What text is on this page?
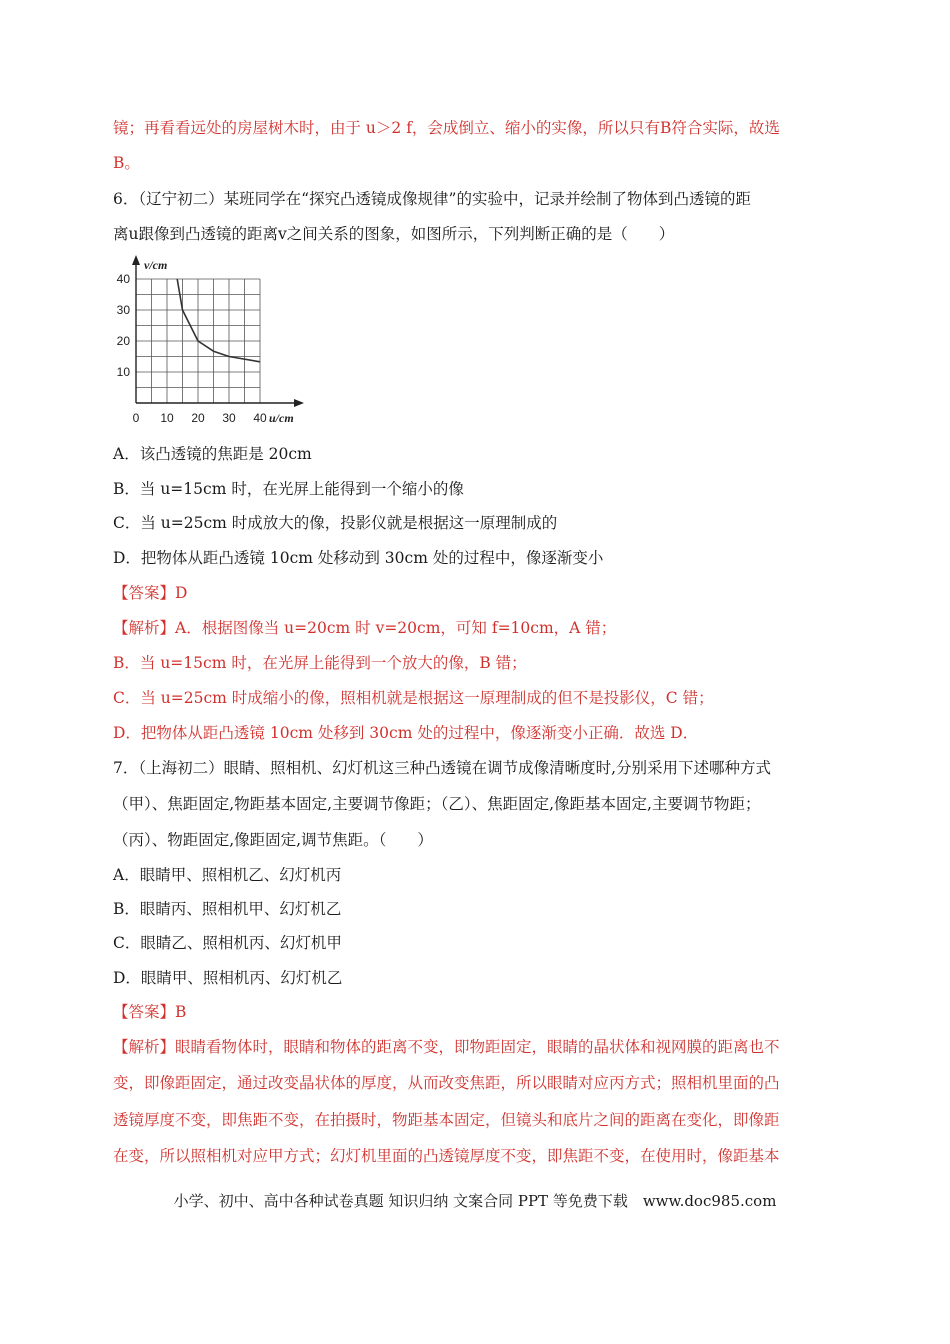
镜；再看看远处的房屋树木时，由于 u＞2 f，会成倒立、缩小的实像，所以只有B符合实际，故选
B。
6．（辽宁初二）某班同学在“探究凸透镜成像规律”的实验中，记录并绘制了物体到凸透镜的距
离u跟像到凸透镜的距离v之间关系的图象，如图所示，下列判断正确的是（　　）
0 10 20 30 40
10
20
30
40
v/cm
u/cm
A．该凸透镜的焦距是 20cm
B．当 u=15cm 时，在光屏上能得到一个缩小的像
C．当 u=25cm 时成放大的像，投影仪就是根据这一原理制成的
D．把物体从距凸透镜 10cm 处移动到 30cm 处的过程中，像逐渐变小
【答案】D
【解析】A．根据图像当 u=20cm 时 v=20cm，可知 f=10cm，A 错；
B．当 u=15cm 时，在光屏上能得到一个放大的像，B 错；
C．当 u=25cm 时成缩小的像，照相机就是根据这一原理制成的但不是投影仪，C 错；
D．把物体从距凸透镜 10cm 处移到 30cm 处的过程中，像逐渐变小正确．故选 D．
7．（上海初二）眼睛、照相机、幻灯机这三种凸透镜在调节成像清晰度时,分别采用下述哪种方式
（甲）、焦距固定,物距基本固定,主要调节像距；（乙）、焦距固定,像距基本固定,主要调节物距；
（丙）、物距固定,像距固定,调节焦距。（　　）
A．眼睛甲、照相机乙、幻灯机丙
B．眼睛丙、照相机甲、幻灯机乙
C．眼睛乙、照相机丙、幻灯机甲
D．眼睛甲、照相机丙、幻灯机乙
【答案】B
【解析】眼睛看物体时，眼睛和物体的距离不变，即物距固定，眼睛的晶状体和视网膜的距离也不
变，即像距固定，通过改变晶状体的厚度，从而改变焦距，所以眼睛对应丙方式；照相机里面的凸
透镜厚度不变，即焦距不变，在拍摄时，物距基本固定，但镜头和底片之间的距离在变化，即像距
在变，所以照相机对应甲方式；幻灯机里面的凸透镜厚度不变，即焦距不变，在使用时，像距基本
小学、初中、高中各种试卷真题 知识归纳 文案合同 PPT 等免费下载　www.doc985.com
